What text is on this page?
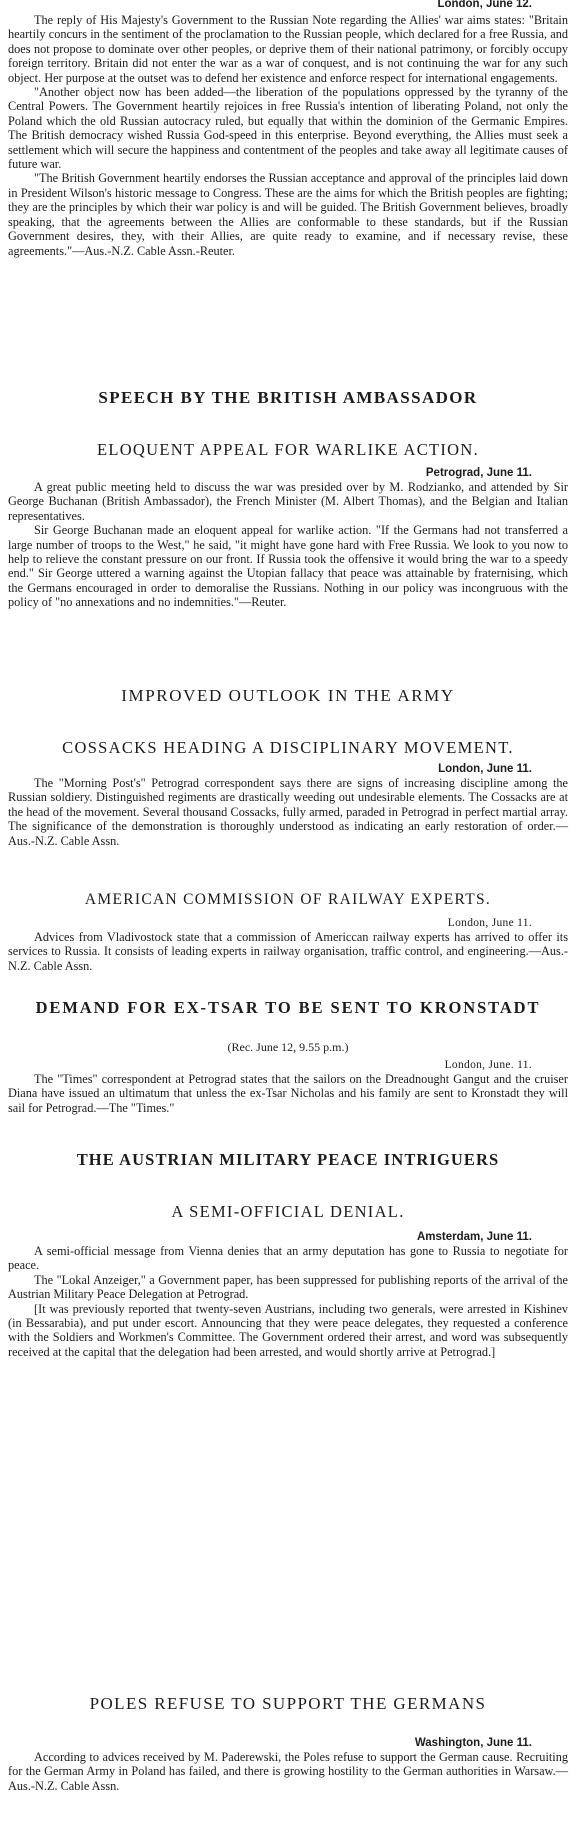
London, June 12.

The reply of His Majesty's Government to the Russian Note regarding the Allies' war aims states: "Britain heartily concurs in the sentiment of the proclamation to the Russian people, which declared for a free Russia, and does not propose to dominate over other peoples, or deprive them of their national patrimony, or forcibly occupy foreign territory. Britain did not enter the war as a war of conquest, and is not continuing the war for any such object. Her purpose at the outset was to defend her existence and enforce respect for international engagements.

"Another object now has been added—the liberation of the populations oppressed by the tyranny of the Central Powers. The Government heartily rejoices in free Russia's intention of liberating Poland, not only the Poland which the old Russian autocracy ruled, but equally that within the dominion of the Germanic Empires. The British democracy wished Russia God-speed in this enterprise. Beyond everything, the Allies must seek a settlement which will secure the happiness and contentment of the peoples and take away all legitimate causes of future war.

"The British Government heartily endorses the Russian acceptance and approval of the principles laid down in President Wilson's historic message to Congress. These are the aims for which the British peoples are fighting; they are the principles by which their war policy is and will be guided. The British Government believes, broadly speaking, that the agreements between the Allies are conformable to these standards, but if the Russian Government desires, they, with their Allies, are quite ready to examine, and if necessary revise, these agreements."—Aus.-N.Z. Cable Assn.-Reuter.

SPEECH BY THE BRITISH AMBASSADOR
ELOQUENT APPEAL FOR WARLIKE ACTION.
Petrograd, June 11.

A great public meeting held to discuss the war was presided over by M. Rodzianko, and attended by Sir George Buchanan (British Ambassador), the French Minister (M. Albert Thomas), and the Belgian and Italian representatives.

Sir George Buchanan made an eloquent appeal for warlike action. "If the Germans had not transferred a large number of troops to the West," he said, "it might have gone hard with Free Russia. We look to you now to help to relieve the constant pressure on our front. If Russia took the offensive it would bring the war to a speedy end." Sir George uttered a warning against the Utopian fallacy that peace was attainable by fraternising, which the Germans encouraged in order to demoralise the Russians. Nothing in our policy was incongruous with the policy of "no annexations and no indemnities."—Reuter.

IMPROVED OUTLOOK IN THE ARMY
COSSACKS HEADING A DISCIPLINARY MOVEMENT.
London, June 11.

The "Morning Post's" Petrograd correspondent says there are signs of increasing discipline among the Russian soldiery. Distinguished regiments are drastically weeding out undesirable elements. The Cossacks are at the head of the movement. Several thousand Cossacks, fully armed, paraded in Petrograd in perfect martial array. The significance of the demonstration is thoroughly understood as indicating an early restoration of order.—Aus.-N.Z. Cable Assn.

AMERICAN COMMISSION OF RAILWAY EXPERTS.
London, June 11.

Advices from Vladivostock state that a commission of Americcan railway experts has arrived to offer its services to Russia. It consists of leading experts in railway organisation, traffic control, and engineering.—Aus.-N.Z. Cable Assn.

DEMAND FOR EX-TSAR TO BE SENT TO KRONSTADT
(Rec. June 12, 9.55 p.m.)
London, June. 11.

The "Times" correspondent at Petrograd states that the sailors on the Dreadnought Gangut and the cruiser Diana have issued an ultimatum that unless the ex-Tsar Nicholas and his family are sent to Kronstadt they will sail for Petrograd.—The "Times."

THE AUSTRIAN MILITARY PEACE INTRIGUERS
A SEMI-OFFICIAL DENIAL.
Amsterdam, June 11.

A semi-official message from Vienna denies that an army deputation has gone to Russia to negotiate for peace.

The "Lokal Anzeiger," a Government paper, has been suppressed for publishing reports of the arrival of the Austrian Military Peace Delegation at Petrograd.

[It was previously reported that twenty-seven Austrians, including two generals, were arrested in Kishinev (in Bessarabia), and put under escort. Announcing that they were peace delegates, they requested a conference with the Soldiers and Workmen's Committee. The Government ordered their arrest, and word was subsequently received at the capital that the delegation had been arrested, and would shortly arrive at Petrograd.]

POLES REFUSE TO SUPPORT THE GERMANS
Washington, June 11.

According to advices received by M. Paderewski, the Poles refuse to support the German cause. Recruiting for the German Army in Poland has failed, and there is growing hostility to the German authorities in Warsaw.—Aus.-N.Z. Cable Assn.
